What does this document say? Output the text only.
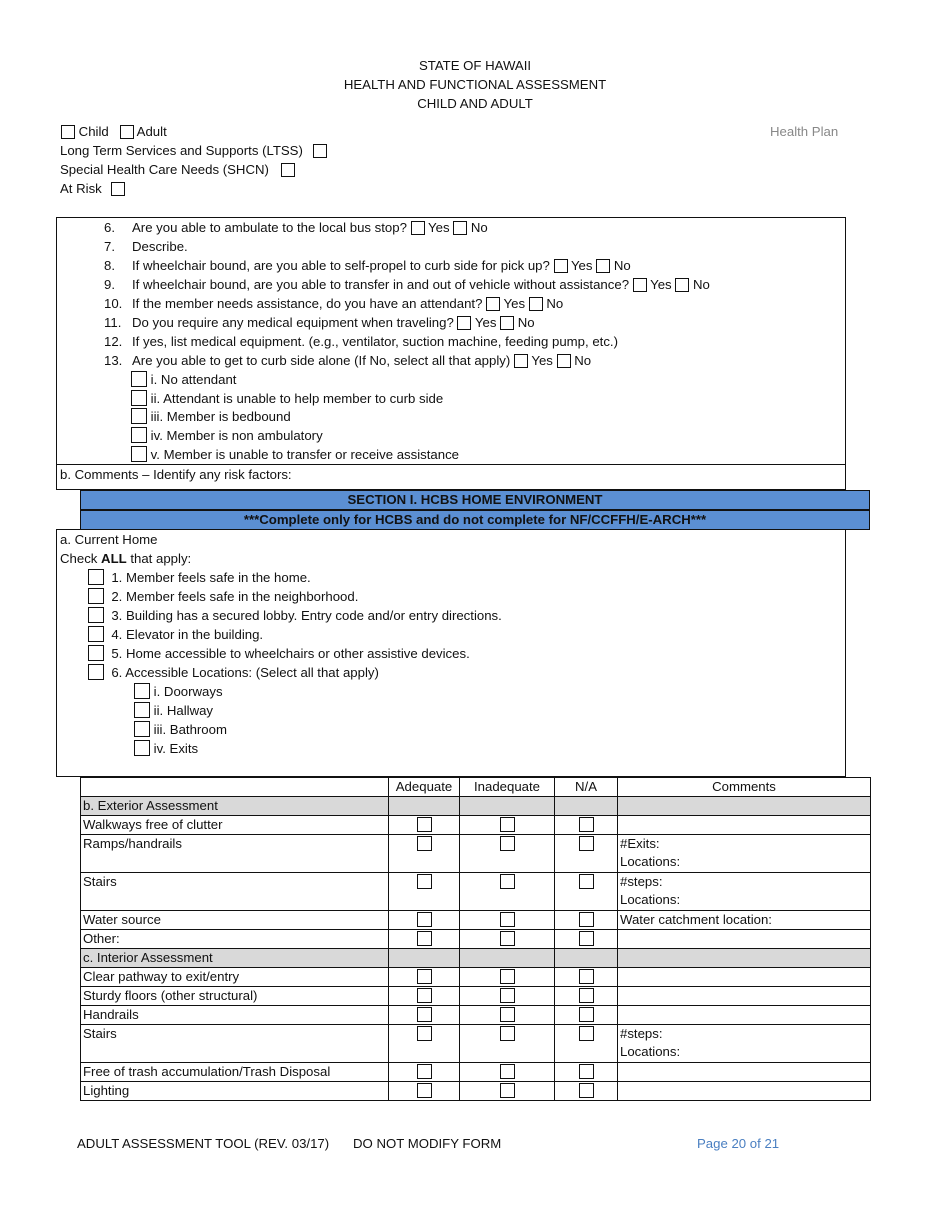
STATE OF HAWAII
HEALTH AND FUNCTIONAL ASSESSMENT
CHILD AND ADULT
Child Adult	Health Plan
Long Term Services and Supports (LTSS)
Special Health Care Needs (SHCN)
At Risk
6. Are you able to ambulate to the local bus stop? Yes No
7. Describe.
8. If wheelchair bound, are you able to self-propel to curb side for pick up? Yes No
9. If wheelchair bound, are you able to transfer in and out of vehicle without assistance? Yes No
10. If the member needs assistance, do you have an attendant? Yes No
11. Do you require any medical equipment when traveling? Yes No
12. If yes, list medical equipment. (e.g., ventilator, suction machine, feeding pump, etc.)
13. Are you able to get to curb side alone (If No, select all that apply) Yes No
i. No attendant
ii. Attendant is unable to help member to curb side
iii. Member is bedbound
iv. Member is non ambulatory
v. Member is unable to transfer or receive assistance
b. Comments – Identify any risk factors:
SECTION I. HCBS HOME ENVIRONMENT
***Complete only for HCBS and do not complete for NF/CCFFH/E-ARCH***
a. Current Home
Check ALL that apply:
1. Member feels safe in the home.
2. Member feels safe in the neighborhood.
3. Building has a secured lobby. Entry code and/or entry directions.
4. Elevator in the building.
5. Home accessible to wheelchairs or other assistive devices.
6. Accessible Locations: (Select all that apply)
i. Doorways
ii. Hallway
iii. Bathroom
iv. Exits
	Adequate	Inadequate	N/A	Comments
b. Exterior Assessment				
Walkways free of clutter	

Ramps/handrails				#Exits:
Locations:

Stairs				#steps:
Locations:

Water source				Water catchment location:
Other:	

c. Interior Assessment				
Clear pathway to exit/entry	

Sturdy floors (other structural)	

Handrails	

Stairs				#steps:
Locations:

Free of trash accumulation/Trash Disposal	

Lighting	

ADULT ASSESSMENT TOOL (REV. 03/17) DO NOT MODIFY FORM	Page 20 of 21
